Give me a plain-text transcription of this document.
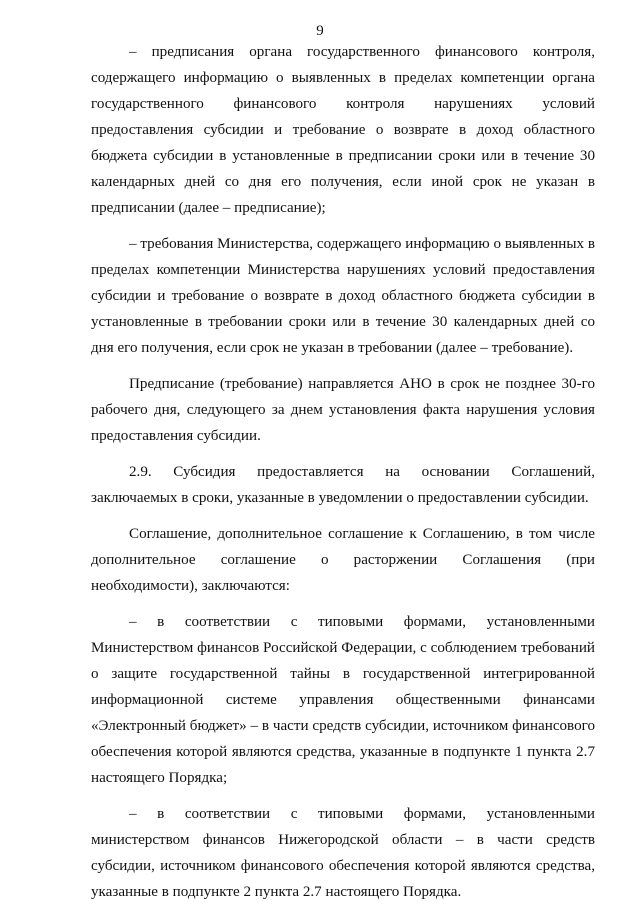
9

– предписания органа государственного финансового контроля, содержащего информацию о выявленных в пределах компетенции органа государственного финансового контроля нарушениях условий предоставления субсидии и требование о возврате в доход областного бюджета субсидии в установленные в предписании сроки или в течение 30 календарных дней со дня его получения, если иной срок не указан в предписании (далее – предписание);

– требования Министерства, содержащего информацию о выявленных в пределах компетенции Министерства нарушениях условий предоставления субсидии и требование о возврате в доход областного бюджета субсидии в установленные в требовании сроки или в течение 30 календарных дней со дня его получения, если срок не указан в требовании (далее – требование).

Предписание (требование) направляется АНО в срок не позднее 30-го рабочего дня, следующего за днем установления факта нарушения условия предоставления субсидии.

2.9. Субсидия предоставляется на основании Соглашений, заключаемых в сроки, указанные в уведомлении о предоставлении субсидии.

Соглашение, дополнительное соглашение к Соглашению, в том числе дополнительное соглашение о расторжении Соглашения (при необходимости), заключаются:

– в соответствии с типовыми формами, установленными Министерством финансов Российской Федерации, с соблюдением требований о защите государственной тайны в государственной интегрированной информационной системе управления общественными финансами «Электронный бюджет» – в части средств субсидии, источником финансового обеспечения которой являются средства, указанные в подпункте 1 пункта 2.7 настоящего Порядка;

– в соответствии с типовыми формами, установленными министерством финансов Нижегородской области – в части средств субсидии, источником финансового обеспечения которой являются средства, указанные в подпункте 2 пункта 2.7 настоящего Порядка.
